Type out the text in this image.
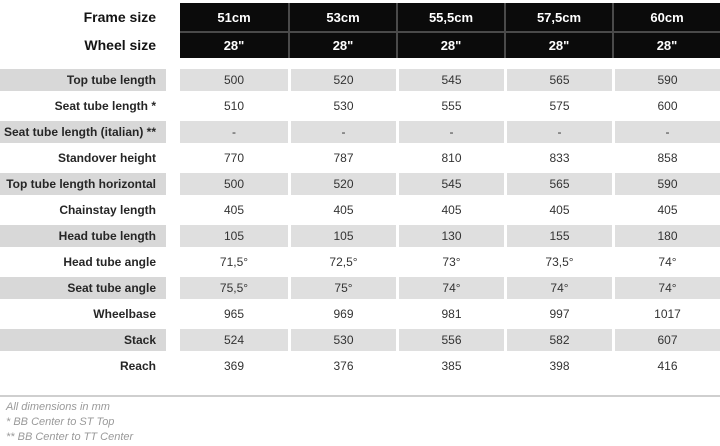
Frame size	51cm	53cm	55,5cm	57,5cm	60cm
Wheel size	28"	28"	28"	28"	28"
Top tube length	500	520	545	565	590
Seat tube length *	510	530	555	575	600
Seat tube length (italian) **	-	-	-	-	-
Standover height	770	787	810	833	858
Top tube length horizontal	500	520	545	565	590
Chainstay length	405	405	405	405	405
Head tube length	105	105	130	155	180
Head tube angle	71,5°	72,5°	73°	73,5°	74°
Seat tube angle	75,5°	75°	74°	74°	74°
Wheelbase	965	969	981	997	1017
Stack	524	530	556	582	607
Reach	369	376	385	398	416
All dimensions in mm
* BB Center to ST Top
** BB Center to TT Center
